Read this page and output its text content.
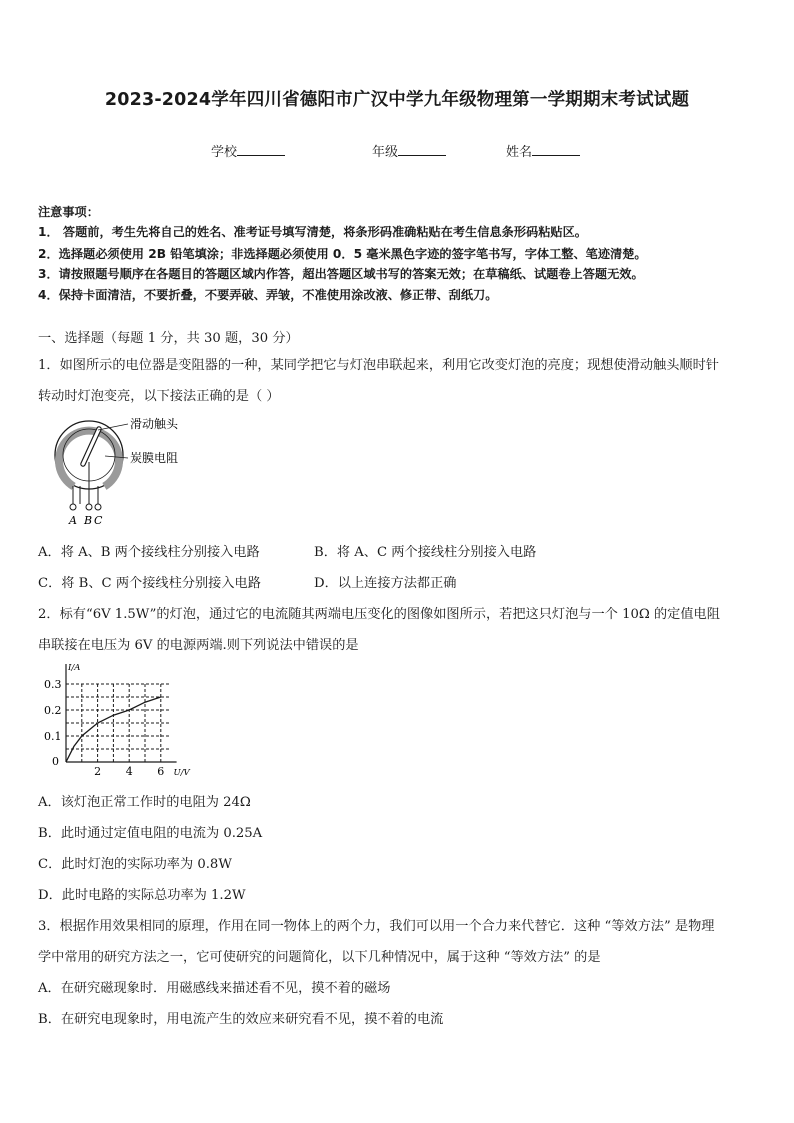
2023-2024学年四川省德阳市广汉中学九年级物理第一学期期末考试试题
学校	年级	姓名
注意事项：
1． 答题前，考生先将自己的姓名、准考证号填写清楚，将条形码准确粘贴在考生信息条形码粘贴区。
2．选择题必须使用 2B 铅笔填涂；非选择题必须使用 0．5 毫米黑色字迹的签字笔书写，字体工整、笔迹清楚。
3．请按照题号顺序在各题目的答题区域内作答，超出答题区域书写的答案无效；在草稿纸、试题卷上答题无效。
4．保持卡面清洁，不要折叠，不要弄破、弄皱，不准使用涂改液、修正带、刮纸刀。
一、选择题（每题 1 分，共 30 题，30 分）
1．如图所示的电位器是变阻器的一种，某同学把它与灯泡串联起来，利用它改变灯泡的亮度；现想使滑动触头顺时针
转动时灯泡变亮，以下接法正确的是（ ）
滑动触头
炭膜电阻
A B C
A．将 A、B 两个接线柱分别接入电路	B．将 A、C 两个接线柱分别接入电路
C．将 B、C 两个接线柱分别接入电路	D．以上连接方法都正确
2．标有“6V 1.5W”的灯泡，通过它的电流随其两端电压变化的图像如图所示，若把这只灯泡与一个 10Ω 的定值电阻
串联接在电压为 6V 的电源两端.则下列说法中错误的是
2 4 6
0.1
0.2
0.3
I/A
U/V
0
A．该灯泡正常工作时的电阻为 24Ω
B．此时通过定值电阻的电流为 0.25A
C．此时灯泡的实际功率为 0.8W
D．此时电路的实际总功率为 1.2W
3．根据作用效果相同的原理，作用在同一物体上的两个力，我们可以用一个合力来代替它．这种 “等效方法” 是物理
学中常用的研究方法之一，它可使研究的问题简化，以下几种情况中，属于这种 “等效方法” 的是
A．在研究磁现象时．用磁感线来描述看不见，摸不着的磁场
B．在研究电现象时，用电流产生的效应来研究看不见，摸不着的电流
